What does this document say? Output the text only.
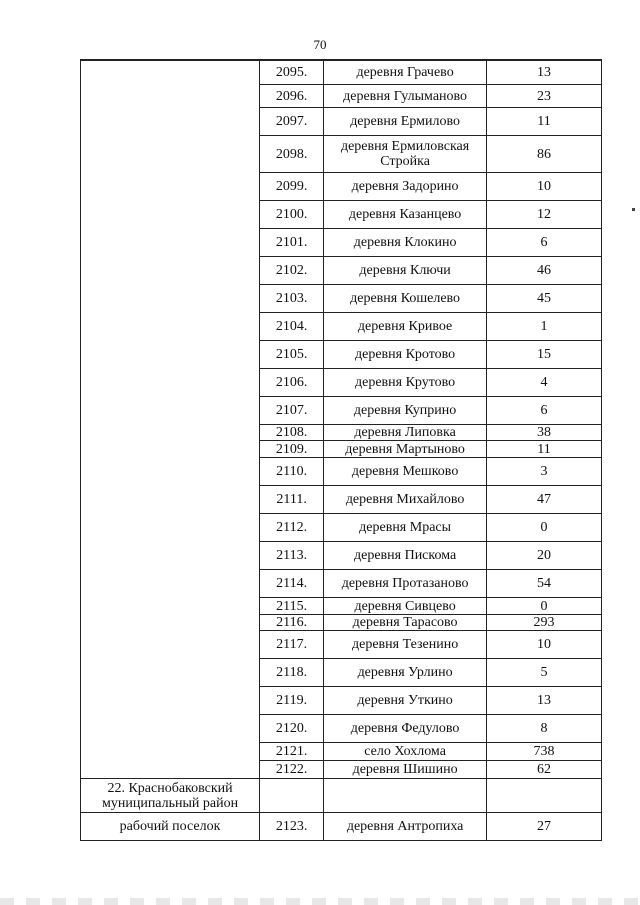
70

	2095.	деревня Грачево	13
	2096.	деревня Гулыманово	23
	2097.	деревня Ермилово	11
	2098.	деревня Ермиловская Стройка	86
	2099.	деревня Задорино	10
	2100.	деревня Казанцево	12
	2101.	деревня Клокино	6
	2102.	деревня Ключи	46
	2103.	деревня Кошелево	45
	2104.	деревня Кривое	1
	2105.	деревня Кротово	15
	2106.	деревня Крутово	4
	2107.	деревня Куприно	6
	2108.	деревня Липовка	38
	2109.	деревня Мартыново	11
	2110.	деревня Мешково	3
	2111.	деревня Михайлово	47
	2112.	деревня Мрасы	0
	2113.	деревня Пискома	20
	2114.	деревня Протазаново	54
	2115.	деревня Сивцево	0
	2116.	деревня Тарасово	293
	2117.	деревня Тезенино	10
	2118.	деревня Урлино	5
	2119.	деревня Уткино	13
	2120.	деревня Федулово	8
	2121.	село Хохлома	738
	2122.	деревня Шишино	62
22. Краснобаковский муниципальный район			
рабочий поселок	2123.	деревня Антропиха	27
